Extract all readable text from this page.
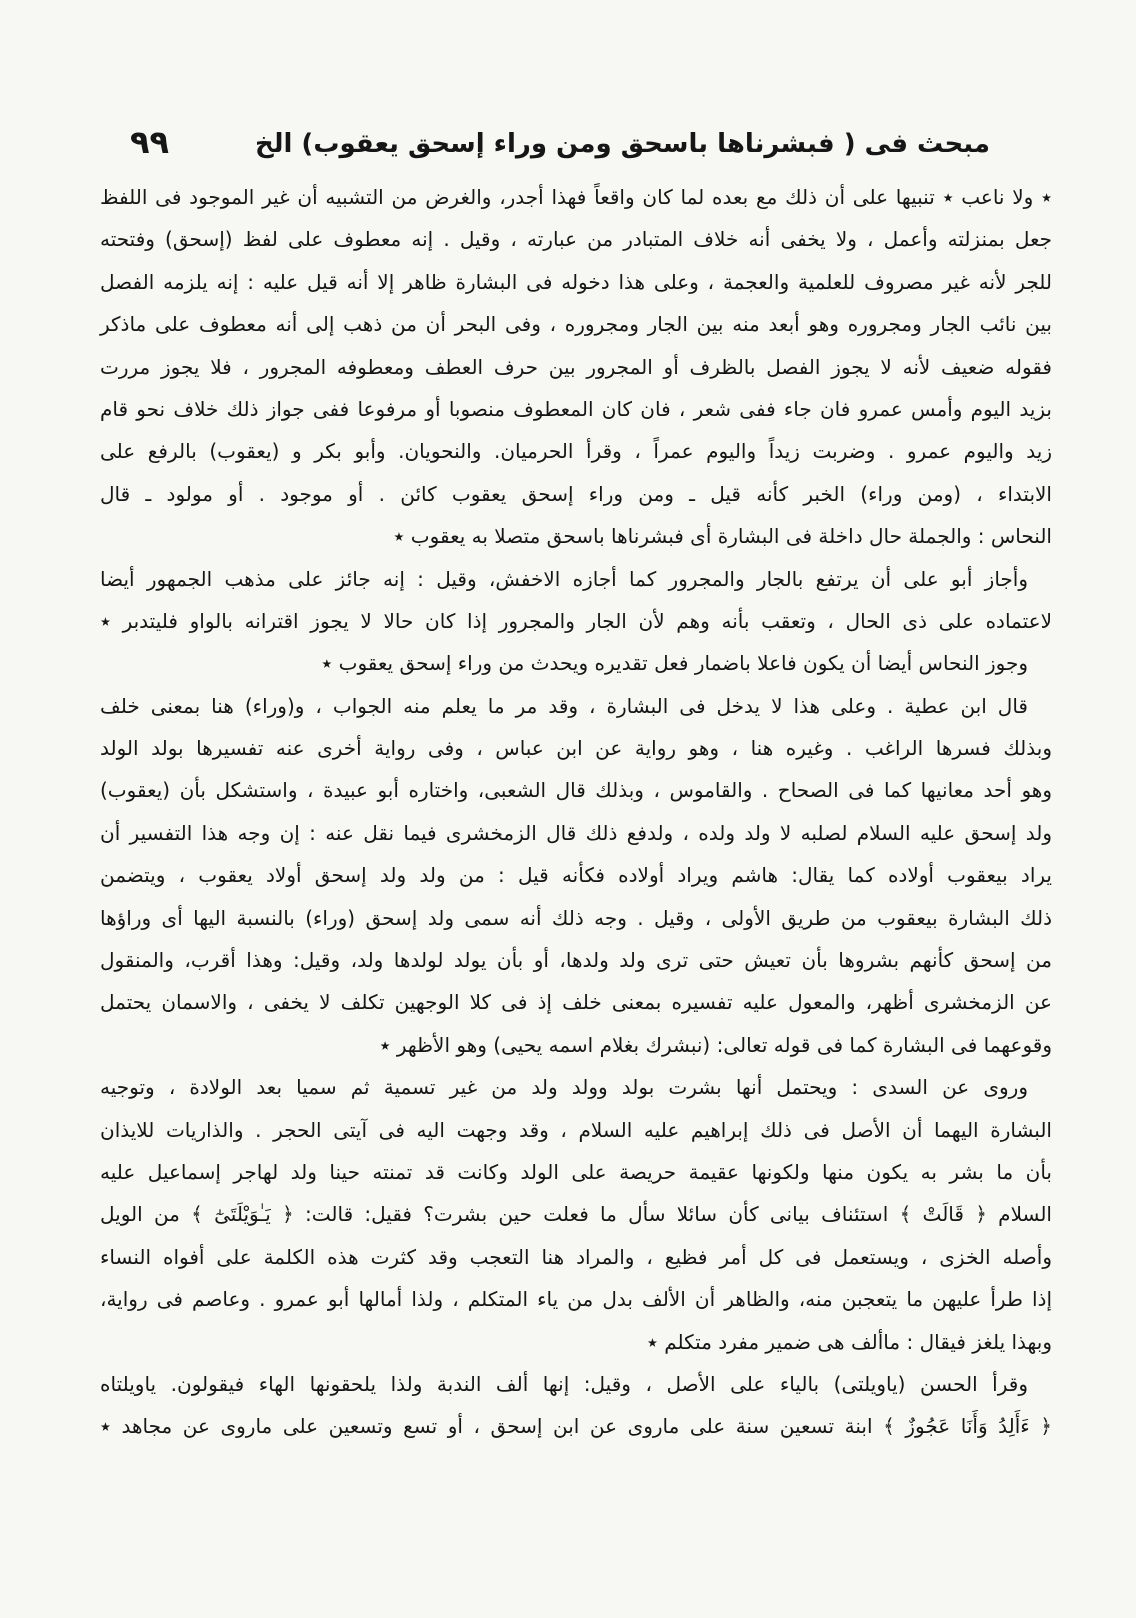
مبحث فى ( فبشرناها باسحق ومن وراء إسحق يعقوب) الخ
٩٩
٭ ولا ناعب ٭ تنبيها على أن ذلك مع بعده لما كان واقعاً فهذا أجدر، والغرض من التشبيه أن غير الموجود فى اللفظ
جعل بمنزلته وأعمل ، ولا يخفى أنه خلاف المتبادر من عبارته ، وقيل . إنه معطوف على لفظ (إسحق) وفتحته
للجر لأنه غير مصروف للعلمية والعجمة ، وعلى هذا دخوله فى البشارة ظاهر إلا أنه قيل عليه : إنه يلزمه الفصل
بين نائب الجار ومجروره وهو أبعد منه بين الجار ومجروره ، وفى البحر أن من ذهب إلى أنه معطوف على ماذكر
فقوله ضعيف لأنه لا يجوز الفصل بالظرف أو المجرور بين حرف العطف ومعطوفه المجرور ، فلا يجوز مررت
بزيد اليوم وأمس عمرو فان جاء ففى شعر ، فان كان المعطوف منصوبا أو مرفوعا ففى جواز ذلك خلاف نحو قام
زيد واليوم عمرو . وضربت زيداً واليوم عمراً ، وقرأ الحرميان. والنحويان. وأبو بكر و (يعقوب) بالرفع على
الابتداء ، (ومن وراء) الخبر كأنه قيل ـ ومن وراء إسحق يعقوب كائن . أو موجود . أو مولود ـ قال
النحاس : والجملة حال داخلة فى البشارة أى فبشرناها باسحق متصلا به يعقوب ٭
وأجاز أبو على أن يرتفع بالجار والمجرور كما أجازه الاخفش، وقيل : إنه جائز على مذهب الجمهور أيضا
لاعتماده على ذى الحال ، وتعقب بأنه وهم لأن الجار والمجرور إذا كان حالا لا يجوز اقترانه بالواو فليتدبر ٭
وجوز النحاس أيضا أن يكون فاعلا باضمار فعل تقديره ويحدث من وراء إسحق يعقوب ٭
قال ابن عطية . وعلى هذا لا يدخل فى البشارة ، وقد مر ما يعلم منه الجواب ، و(وراء) هنا بمعنى خلف
وبذلك فسرها الراغب . وغيره هنا ، وهو رواية عن ابن عباس ، وفى رواية أخرى عنه تفسيرها بولد الولد
وهو أحد معانيها كما فى الصحاح . والقاموس ، وبذلك قال الشعبى، واختاره أبو عبيدة ، واستشكل بأن (يعقوب)
ولد إسحق عليه السلام لصلبه لا ولد ولده ، ولدفع ذلك قال الزمخشرى فيما نقل عنه : إن وجه هذا التفسير أن
يراد بيعقوب أولاده كما يقال: هاشم ويراد أولاده فكأنه قيل : من ولد ولد إسحق أولاد يعقوب ، ويتضمن
ذلك البشارة بيعقوب من طريق الأولى ، وقيل . وجه ذلك أنه سمى ولد إسحق (وراء) بالنسبة اليها أى وراؤها
من إسحق كأنهم بشروها بأن تعيش حتى ترى ولد ولدها، أو بأن يولد لولدها ولد، وقيل: وهذا أقرب، والمنقول
عن الزمخشرى أظهر، والمعول عليه تفسيره بمعنى خلف إذ فى كلا الوجهين تكلف لا يخفى ، والاسمان يحتمل
وقوعهما فى البشارة كما فى قوله تعالى: (نبشرك بغلام اسمه يحيى) وهو الأظهر ٭
وروى عن السدى : ويحتمل أنها بشرت بولد وولد ولد من غير تسمية ثم سميا بعد الولادة ، وتوجيه
البشارة اليهما أن الأصل فى ذلك إبراهيم عليه السلام ، وقد وجهت اليه فى آيتى الحجر . والذاريات للايذان
بأن ما بشر به يكون منها ولكونها عقيمة حريصة على الولد وكانت قد تمنته حينا ولد لهاجر إسماعيل عليه
السلام ﴿ قَالَتْ ﴾ استئناف بيانى كأن سائلا سأل ما فعلت حين بشرت؟ فقيل: قالت: ﴿ يَـٰوَيْلَتَىٰٓ ﴾ من الويل
وأصله الخزى ، ويستعمل فى كل أمر فظيع ، والمراد هنا التعجب وقد كثرت هذه الكلمة على أفواه النساء
إذا طرأ عليهن ما يتعجبن منه، والظاهر أن الألف بدل من ياء المتكلم ، ولذا أمالها أبو عمرو . وعاصم فى رواية،
وبهذا يلغز فيقال : ماألف هى ضمير مفرد متكلم ٭
وقرأ الحسن (ياويلتى) بالياء على الأصل ، وقيل: إنها ألف الندبة ولذا يلحقونها الهاء فيقولون. ياويلتاه
﴿ ءَأَلِدُ وَأَنَا عَجُوزٌ ﴾ ابنة تسعين سنة على ماروى عن ابن إسحق ، أو تسع وتسعين على ماروى عن مجاهد ٭
